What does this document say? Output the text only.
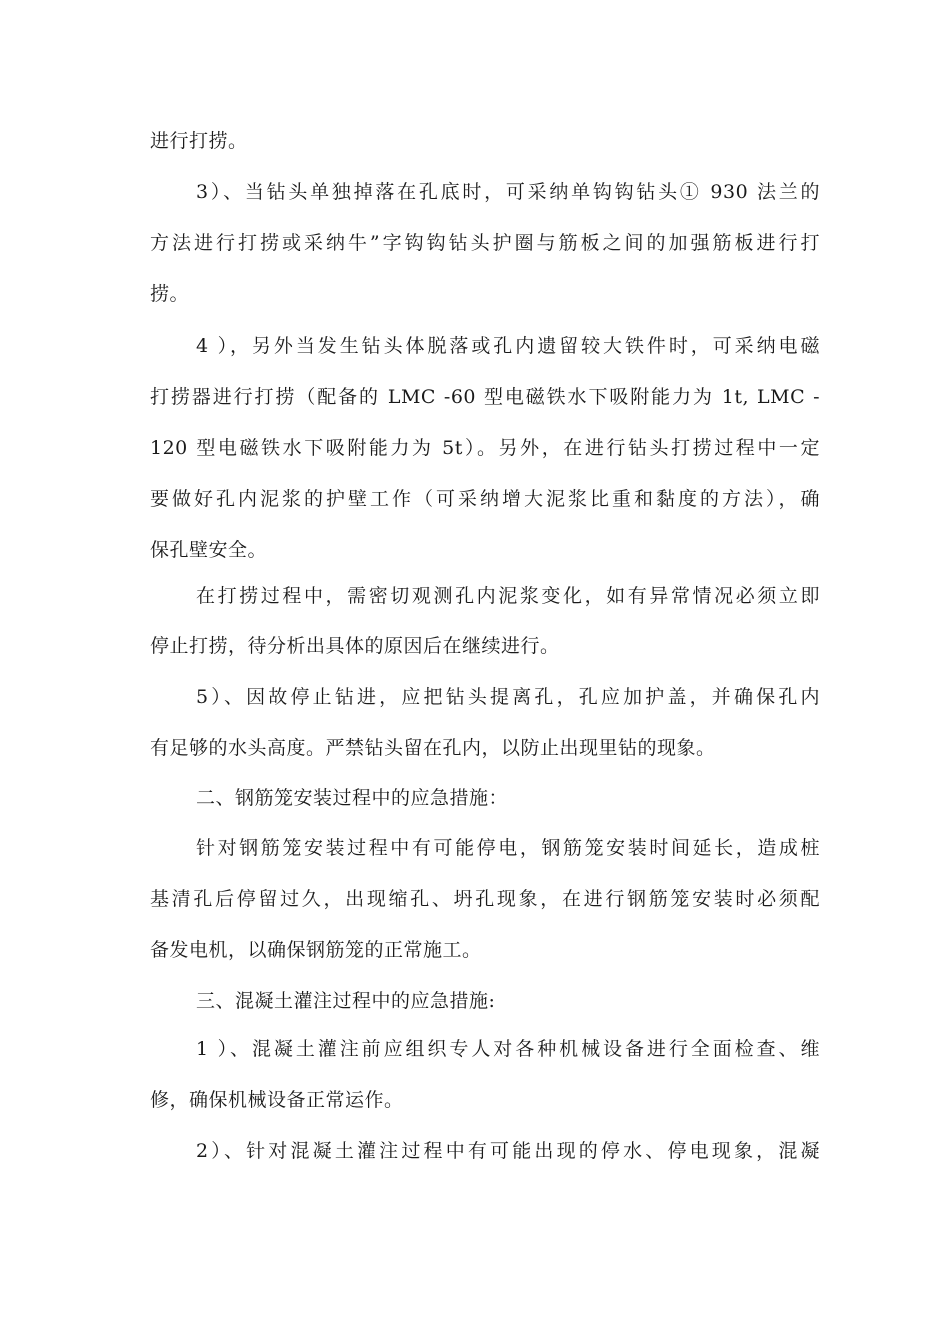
进行打捞。
3）、当钻头单独掉落在孔底时，可采纳单钩钩钻头① 930 法兰的
方法进行打捞或采纳牛”字钩钩钻头护圈与筋板之间的加强筋板进行打
捞。
4 ），另外当发生钻头体脱落或孔内遗留较大铁件时，可采纳电磁
打捞器进行打捞（配备的 LMC -60 型电磁铁水下吸附能力为 1t, LMC -
120 型电磁铁水下吸附能力为 5t）。另外，在进行钻头打捞过程中一定
要做好孔内泥浆的护壁工作（可采纳增大泥浆比重和黏度的方法），确
保孔壁安全。
在打捞过程中，需密切观测孔内泥浆变化，如有异常情况必须立即
停止打捞，待分析出具体的原因后在继续进行。
5）、因故停止钻进，应把钻头提离孔，孔应加护盖，并确保孔内
有足够的水头高度。严禁钻头留在孔内，以防止出现里钻的现象。
二、钢筋笼安装过程中的应急措施：
针对钢筋笼安装过程中有可能停电，钢筋笼安装时间延长，造成桩
基清孔后停留过久，出现缩孔、坍孔现象，在进行钢筋笼安装时必须配
备发电机，以确保钢筋笼的正常施工。
三、混凝土灌注过程中的应急措施:
1 ）、混凝土灌注前应组织专人对各种机械设备进行全面检查、维
修，确保机械设备正常运作。
2）、针对混凝土灌注过程中有可能出现的停水、停电现象，混凝
